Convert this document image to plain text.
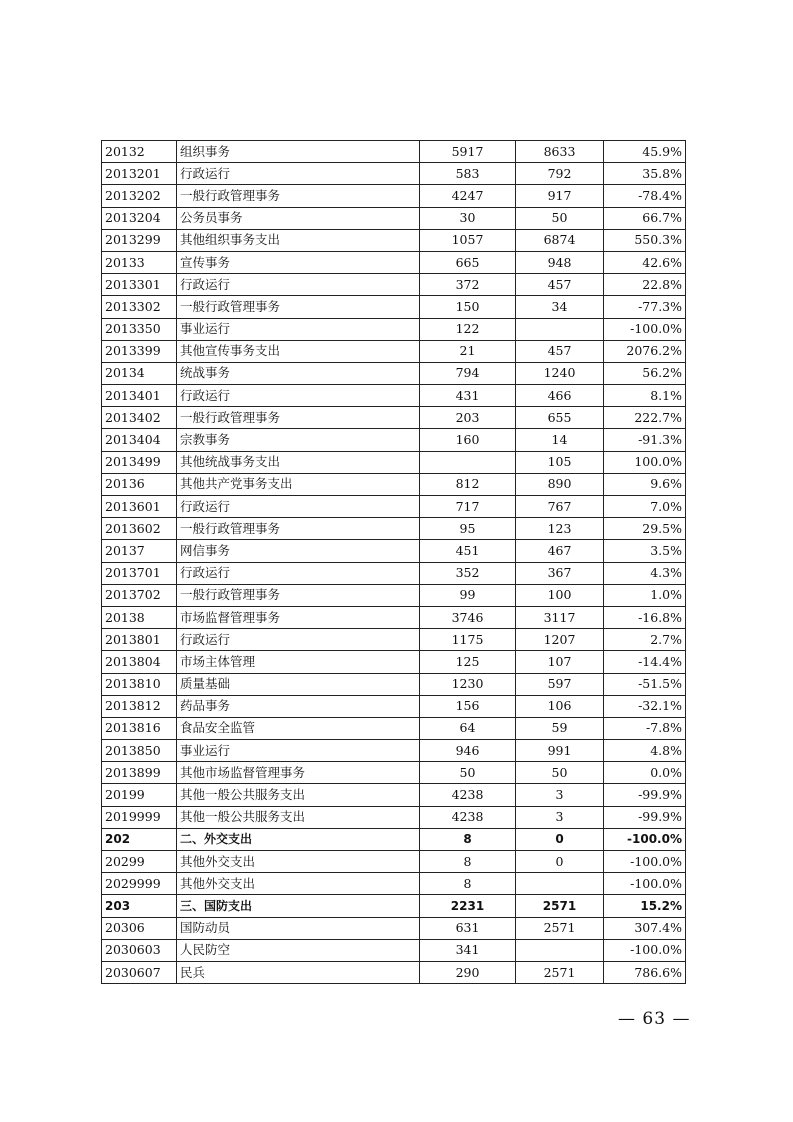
20132	组织事务	5917	8633	45.9%
2013201	行政运行	583	792	35.8%
2013202	一般行政管理事务	4247	917	-78.4%
2013204	公务员事务	30	50	66.7%
2013299	其他组织事务支出	1057	6874	550.3%
20133	宣传事务	665	948	42.6%
2013301	行政运行	372	457	22.8%
2013302	一般行政管理事务	150	34	-77.3%
2013350	事业运行	122		-100.0%
2013399	其他宣传事务支出	21	457	2076.2%
20134	统战事务	794	1240	56.2%
2013401	行政运行	431	466	8.1%
2013402	一般行政管理事务	203	655	222.7%
2013404	宗教事务	160	14	-91.3%
2013499	其他统战事务支出		105	100.0%
20136	其他共产党事务支出	812	890	9.6%
2013601	行政运行	717	767	7.0%
2013602	一般行政管理事务	95	123	29.5%
20137	网信事务	451	467	3.5%
2013701	行政运行	352	367	4.3%
2013702	一般行政管理事务	99	100	1.0%
20138	市场监督管理事务	3746	3117	-16.8%
2013801	行政运行	1175	1207	2.7%
2013804	市场主体管理	125	107	-14.4%
2013810	质量基础	1230	597	-51.5%
2013812	药品事务	156	106	-32.1%
2013816	食品安全监管	64	59	-7.8%
2013850	事业运行	946	991	4.8%
2013899	其他市场监督管理事务	50	50	0.0%
20199	其他一般公共服务支出	4238	3	-99.9%
2019999	其他一般公共服务支出	4238	3	-99.9%
202	二、外交支出	8	0	-100.0%
20299	其他外交支出	8	0	-100.0%
2029999	其他外交支出	8		-100.0%
203	三、国防支出	2231	2571	15.2%
20306	国防动员	631	2571	307.4%
2030603	人民防空	341		-100.0%
2030607	民兵	290	2571	786.6%
— 63 —
